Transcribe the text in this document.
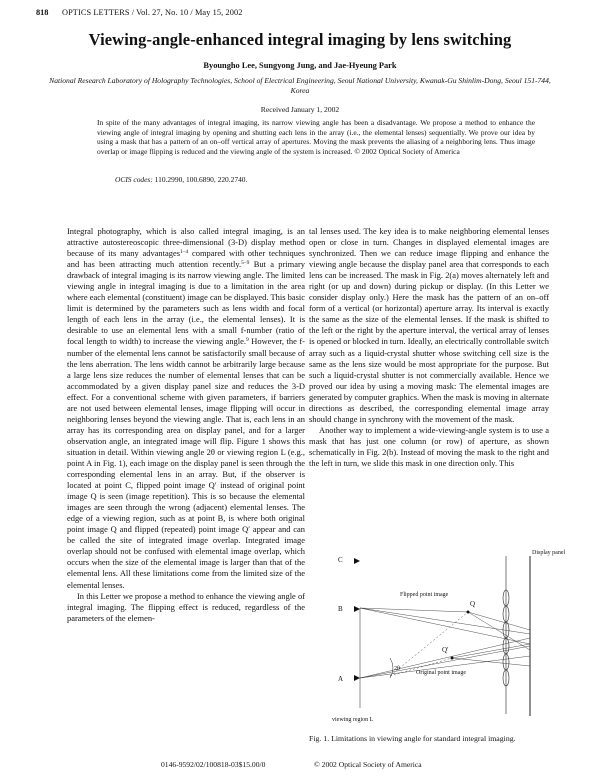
818 OPTICS LETTERS / Vol. 27, No. 10 / May 15, 2002
Viewing-angle-enhanced integral imaging by lens switching
Byoungho Lee, Sungyong Jung, and Jae-Hyeung Park
National Research Laboratory of Holography Technologies, School of Electrical Engineering, Seoul National University, Kwanak-Gu Shinlim-Dong, Seoul 151-744, Korea
Received January 1, 2002
In spite of the many advantages of integral imaging, its narrow viewing angle has been a disadvantage. We propose a method to enhance the viewing angle of integral imaging by opening and shutting each lens in the array (i.e., the elemental lenses) sequentially. We prove our idea by using a mask that has a pattern of an on–off vertical array of apertures. Moving the mask prevents the aliasing of a neighboring lens. Thus image overlap or image flipping is reduced and the viewing angle of the system is increased. © 2002 Optical Society of America
OCIS codes: 110.2990, 100.6890, 220.2740.

Integral photography, which is also called integral imaging, is an attractive autostereoscopic three-dimensional (3-D) display method because of its many advantages$^{1-4}$ compared with other techniques and has been attracting much attention recently.$^{5-9}$ But a primary drawback of integral imaging is its narrow viewing angle. The limited viewing angle in integral imaging is due to a limitation in the area where each elemental (constituent) image can be displayed. This basic limit is determined by the parameters such as lens width and focal length of each lens in the array (i.e., the elemental lenses). It is desirable to use an elemental lens with a small f-number (ratio of focal length to width) to increase the viewing angle.$^9$ However, the f-number of the elemental lens cannot be satisfactorily small because of the lens aberration. The lens width cannot be arbitrarily large because a large lens size reduces the number of elemental lenses that can be accommodated by a given display panel size and reduces the 3-D effect. For a conventional scheme with given parameters, if barriers are not used between elemental lenses, image flipping will occur in neighboring lenses beyond the viewing angle. That is, each lens in an array has its corresponding area on display panel, and for a larger observation angle, an integrated image will flip. Figure 1 shows this situation in detail. Within viewing angle 2θ or viewing region L (e.g., point A in Fig. 1), each image on the display panel is seen through the corresponding elemental lens in an array. But, if the observer is located at point C, flipped point image Q′ instead of original point image Q is seen (image repetition). This is so because the elemental images are seen through the wrong (adjacent) elemental lenses. The edge of a viewing region, such as at point B, is where both original point image Q and flipped (repeated) point image Q′ appear and can be called the site of integrated image overlap. Integrated image overlap should not be confused with elemental image overlap, which occurs when the size of the elemental image is larger than that of the elemental lens. All these limitations come from the limited size of the elemental lenses.

In this Letter we propose a method to enhance the viewing angle of integral imaging. The flipping effect is reduced, regardless of the parameters of the elemen-

tal lenses used. The key idea is to make neighboring elemental lenses open or close in turn. Changes in displayed elemental images are synchronized. Then we can reduce image flipping and enhance the viewing angle because the display panel area that corresponds to each lens can be increased. The mask in Fig. 2(a) moves alternately left and right (or up and down) during pickup or display. (In this Letter we consider display only.) Here the mask has the pattern of an on–off form of a vertical (or horizontal) aperture array. Its interval is exactly the same as the size of the elemental lenses. If the mask is shifted to the left or the right by the aperture interval, the vertical array of lenses is opened or blocked in turn. Ideally, an electrically controllable switch array such as a liquid-crystal shutter whose switching cell size is the same as the lens size would be most appropriate for the purpose. But such a liquid-crystal shutter is not commercially available. Hence we proved our idea by using a moving mask: The elemental images are generated by computer graphics. When the mask is moving in alternate directions as described, the corresponding elemental image array should change in synchrony with the movement of the mask.

Another way to implement a wide-viewing-angle system is to use a mask that has just one column (or row) of aperture, as shown schematically in Fig. 2(b). Instead of moving the mask to the right and the left in turn, we slide this mask in one direction only. This

C
B
A
Q
Q′
Flipped point image
Original point image
Display panel
viewing region L
2θ
Fig. 1. Limitations in viewing angle for standard integral imaging.
0146-9592/02/100818-03$15.00/0	© 2002 Optical Society of America
